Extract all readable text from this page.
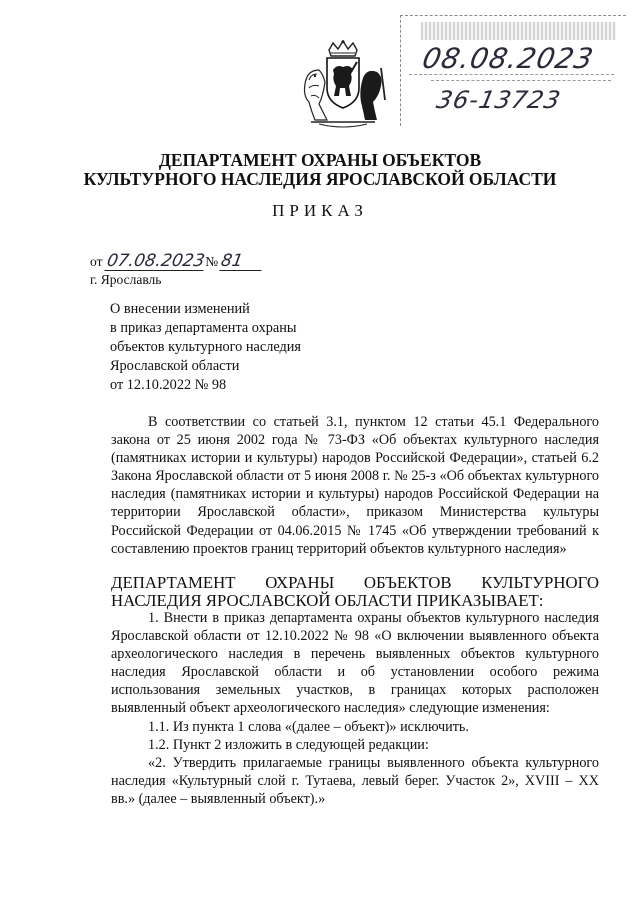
08.08.2023
36-13723
ДЕПАРТАМЕНТ ОХРАНЫ ОБЪЕКТОВ
КУЛЬТУРНОГО НАСЛЕДИЯ ЯРОСЛАВСКОЙ ОБЛАСТИ
ПРИКАЗ
от 07.08.2023№ 81
г. Ярославль
О внесении изменений
в приказ департамента охраны
объектов культурного наследия
Ярославской области
от 12.10.2022 № 98

В соответствии со статьей 3.1, пунктом 12 статьи 45.1 Федерального закона от 25 июня 2002 года № 73-ФЗ «Об объектах культурного наследия (памятниках истории и культуры) народов Российской Федерации», статьей 6.2 Закона Ярославской области от 5 июня 2008 г. № 25-з «Об объектах культурного наследия (памятниках истории и культуры) народов Российской Федерации на территории Ярославской области», приказом Министерства культуры Российской Федерации от 04.06.2015 № 1745 «Об утверждении требований к составлению проектов границ территорий объектов культурного наследия»

ДЕПАРТАМЕНТ ОХРАНЫ ОБЪЕКТОВ КУЛЬТУРНОГО НАСЛЕДИЯ ЯРОСЛАВСКОЙ ОБЛАСТИ ПРИКАЗЫВАЕТ:

1. Внести в приказ департамента охраны объектов культурного наследия Ярославской области от 12.10.2022 № 98 «О включении выявленного объекта археологического наследия в перечень выявленных объектов культурного наследия Ярославской области и об установлении особого режима использования земельных участков, в границах которых расположен выявленный объект археологического наследия» следующие изменения:

1.1. Из пункта 1 слова «(далее – объект)» исключить.

1.2. Пункт 2 изложить в следующей редакции:

«2. Утвердить прилагаемые границы выявленного объекта культурного наследия «Культурный слой г. Тутаева, левый берег. Участок 2», XVIII – XX вв.» (далее – выявленный объект).»
